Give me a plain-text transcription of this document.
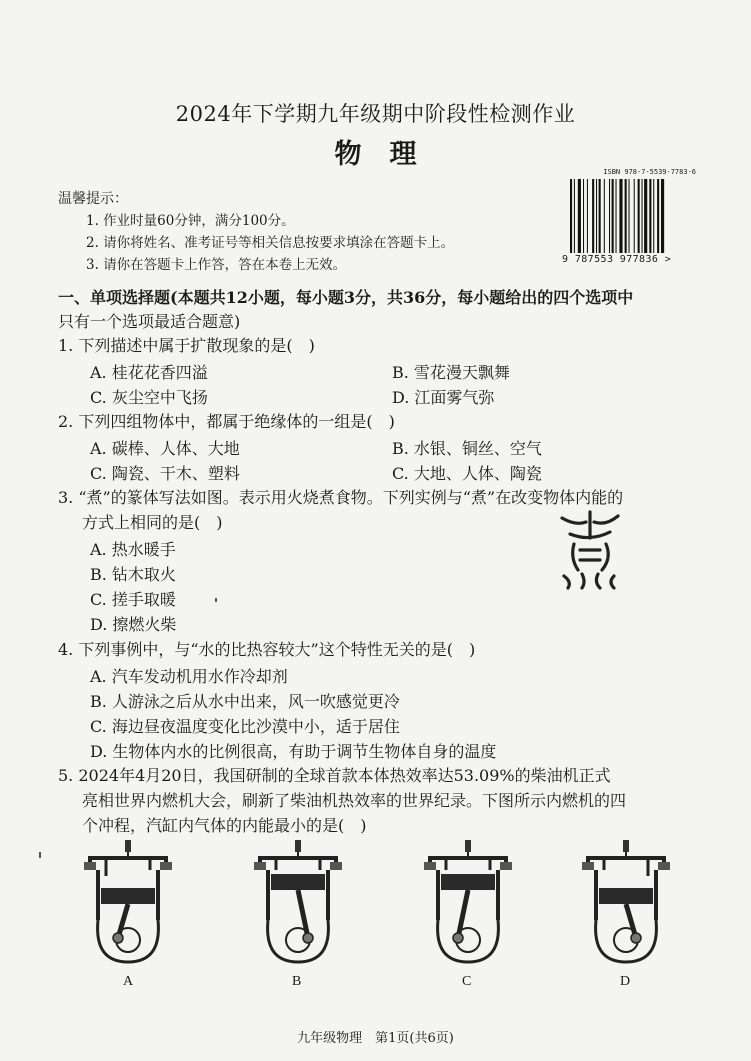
2024年下学期九年级期中阶段性检测作业
物理
ISBN 978-7-5539-7783-6
9 787553 977836 >
温馨提示：
1. 作业时量60分钟，满分100分。
2. 请你将姓名、准考证号等相关信息按要求填涂在答题卡上。
3. 请你在答题卡上作答，答在本卷上无效。
一、单项选择题(本题共12小题，每小题3分，共36分，每小题给出的四个选项中
只有一个选项最适合题意)
1. 下列描述中属于扩散现象的是(　)
A. 桂花花香四溢	B. 雪花漫天飘舞
C. 灰尘空中飞扬	D. 江面雾气弥
2. 下列四组物体中，都属于绝缘体的一组是(　)
A. 碳棒、人体、大地	B. 水银、铜丝、空气
C. 陶瓷、干木、塑料	C. 大地、人体、陶瓷
3. “煮”的篆体写法如图。表示用火烧煮食物。下列实例与“煮”在改变物体内能的
方式上相同的是(　)
A. 热水暖手
B. 钻木取火
C. 搓手取暖
D. 擦燃火柴
4. 下列事例中，与“水的比热容较大”这个特性无关的是(　)
A. 汽车发动机用水作冷却剂
B. 人游泳之后从水中出来，风一吹感觉更冷
C. 海边昼夜温度变化比沙漠中小，适于居住
D. 生物体内水的比例很高，有助于调节生物体自身的温度
5. 2024年4月20日，我国研制的全球首款本体热效率达53.09%的柴油机正式
亮相世界内燃机大会，刷新了柴油机热效率的世界纪录。下图所示内燃机的四
个冲程，汽缸内气体的内能最小的是(　)
A	B	C	D
九年级物理　第1页(共6页)
